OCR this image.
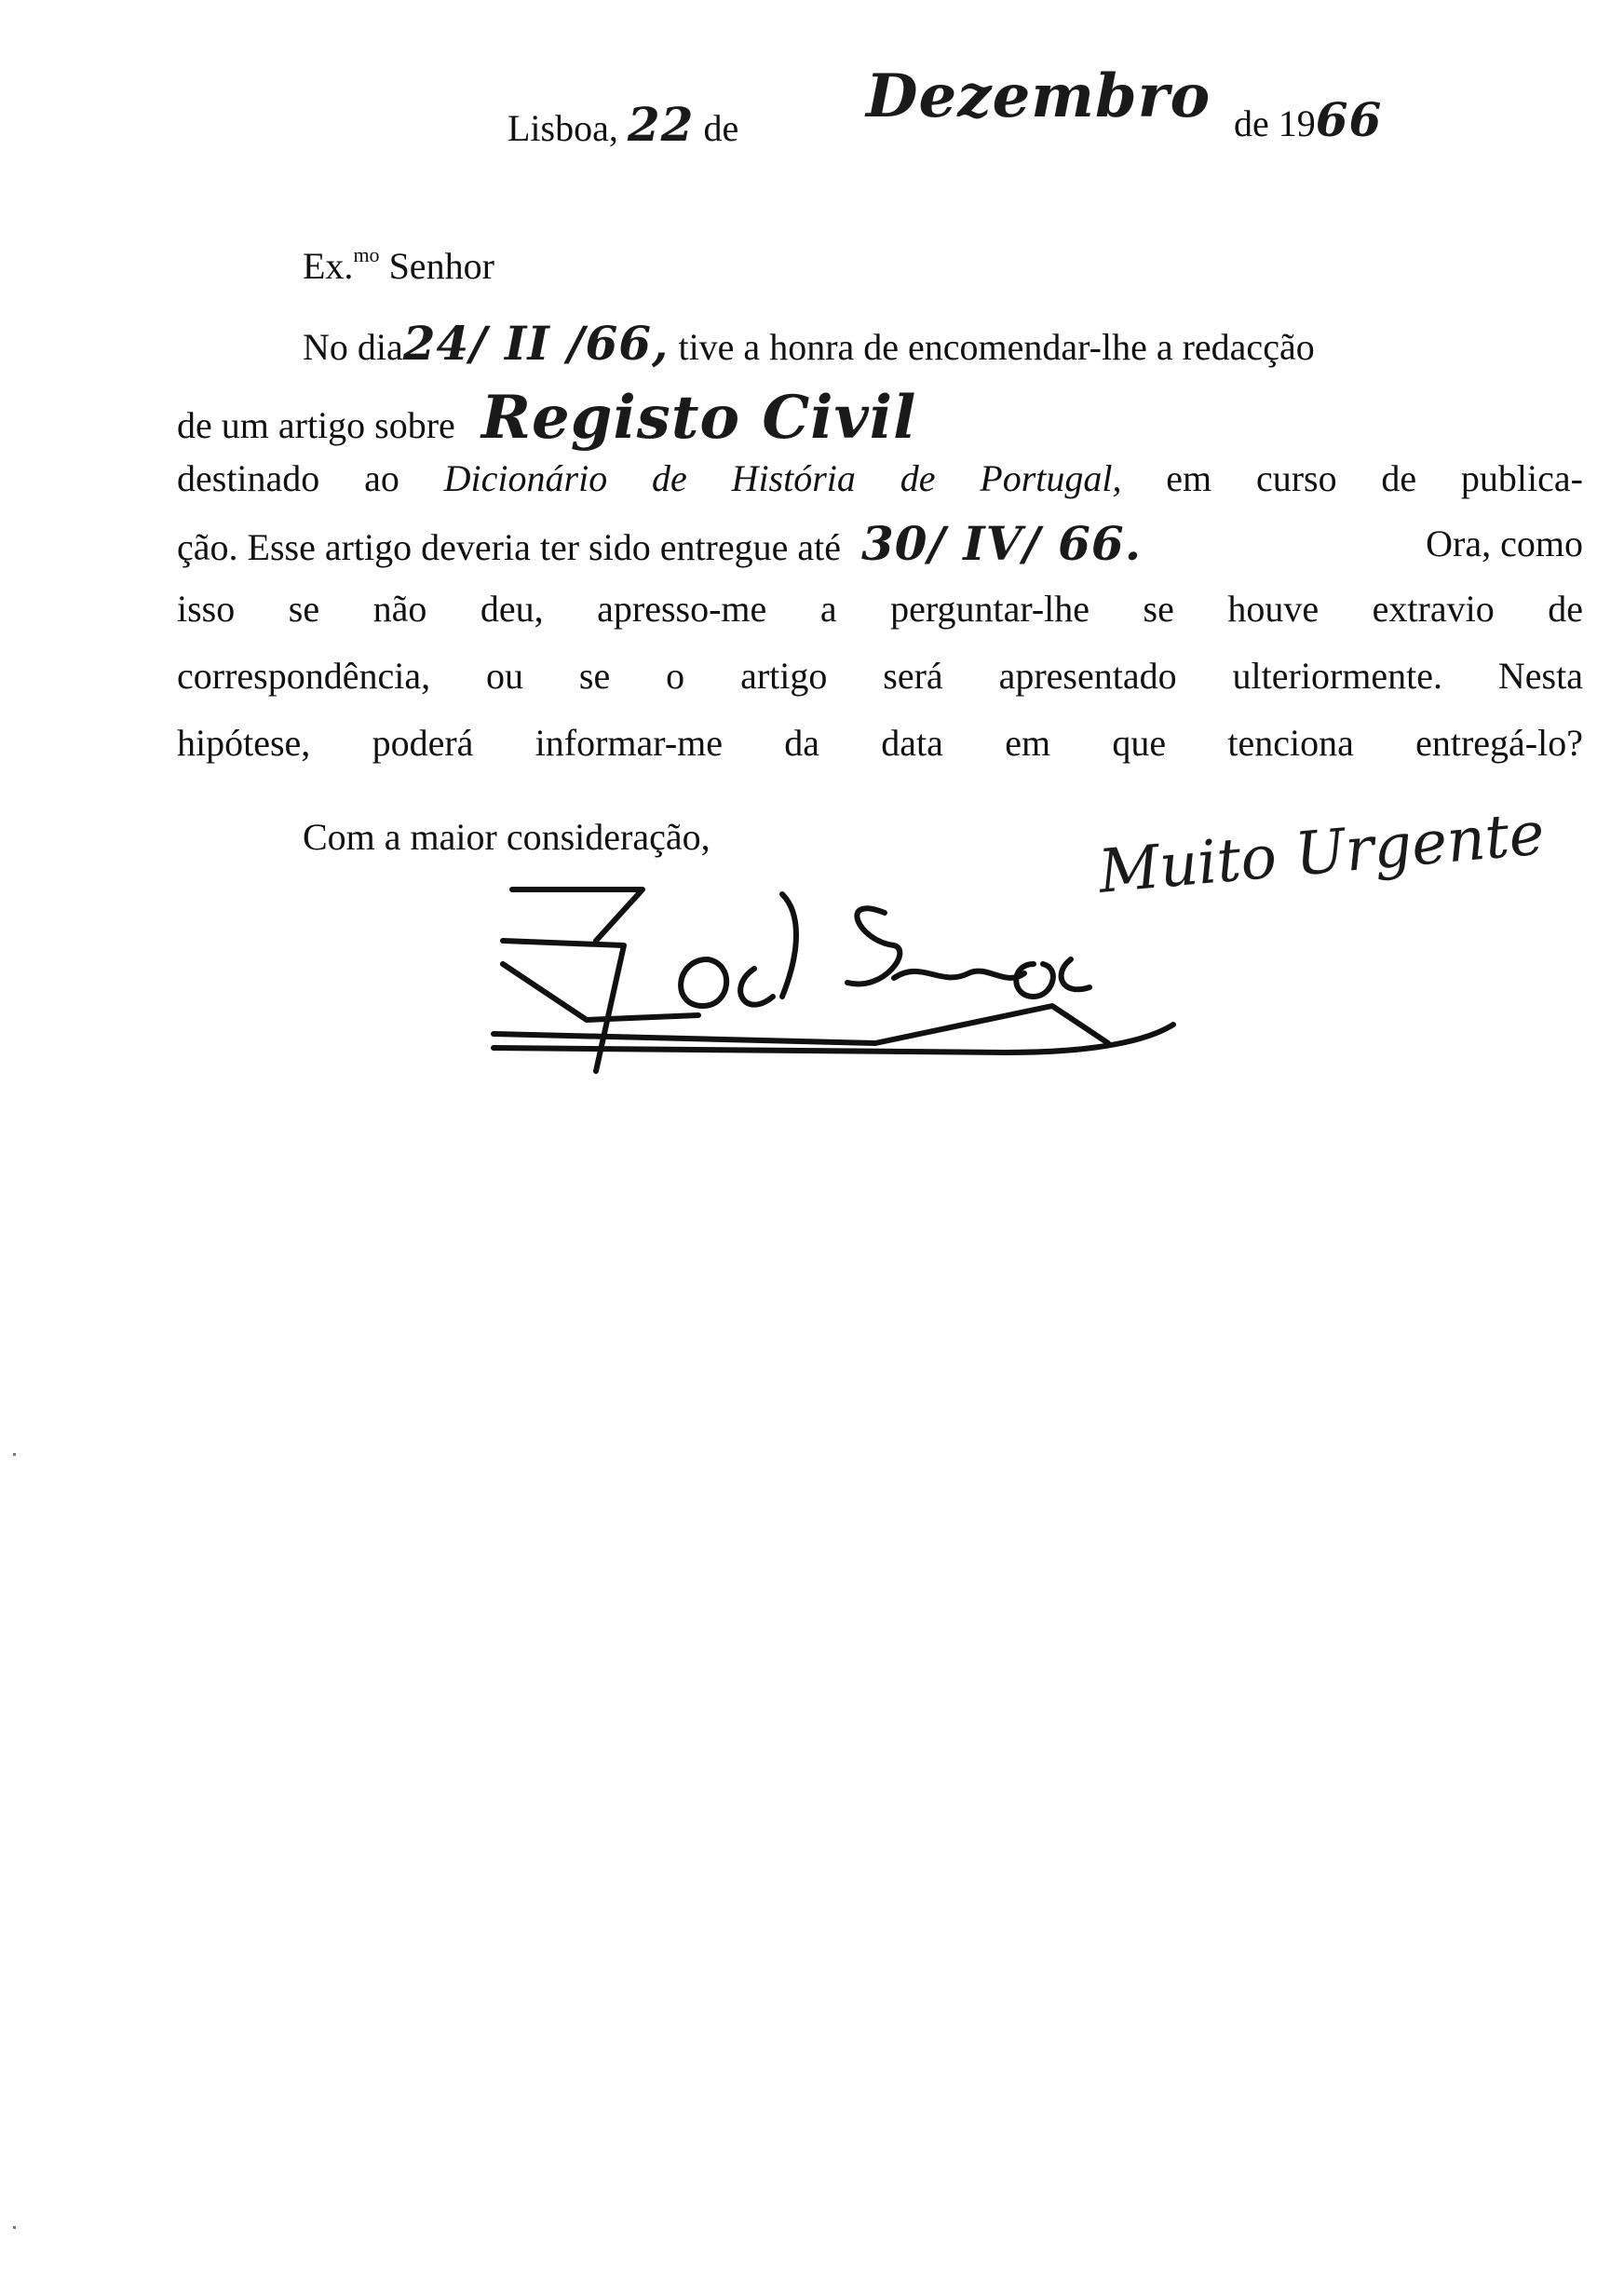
Lisboa, 22 de Dezembro de 1966
Ex.$^{mo}$ Senhor
No dia24/ II /66, tive a honra de encomendar-lhe a redacção
de um artigo sobre Registo Civil
destinado ao Dicionário de História de Portugal, em curso de publica-
ção. Esse artigo deveria ter sido entregue até 30/ IV/ 66.	Ora, como
isso se não deu, apresso-me a perguntar-lhe se houve extravio de
correspondência, ou se o artigo será apresentado ulteriormente. Nesta
hipótese, poderá informar-me da data em que tenciona entregá-lo?
Com a maior consideração,	Muito Urgente
